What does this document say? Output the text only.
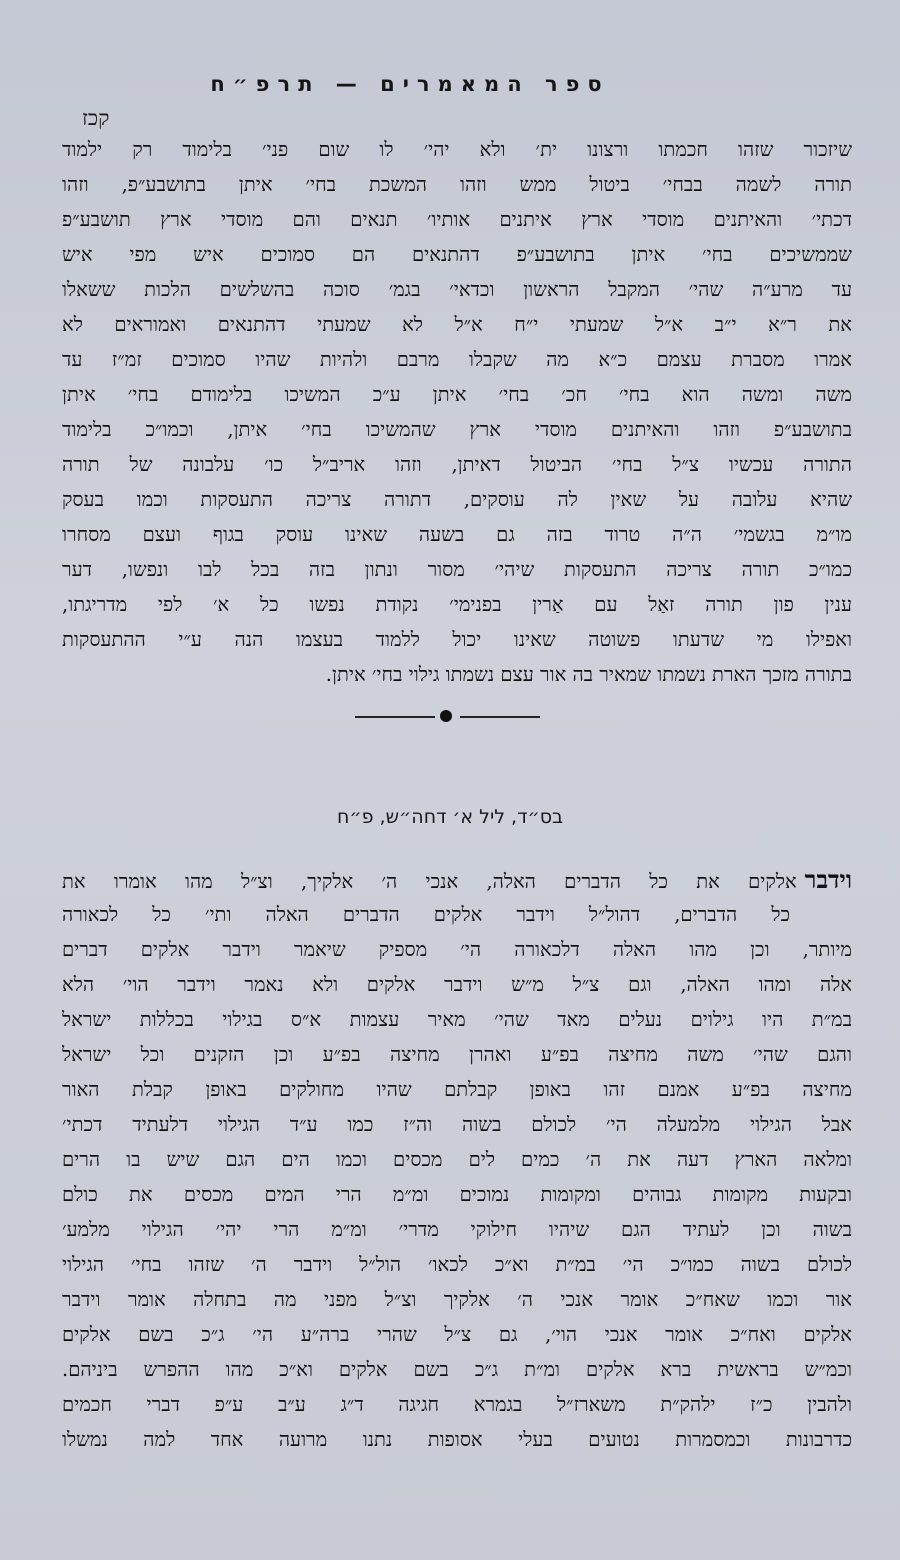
ספר המאמרים — תרפ״ח
קכז
שיזכור שזהו חכמתו ורצונו ית׳ ולא יהי׳ לו שום פני׳ בלימוד רק ילמוד
תורה לשמה בבחי׳ ביטול ממש וזהו המשכת בחי׳ איתן בתושבע״פ, וזהו
דכתי׳ והאיתנים מוסדי ארץ איתנים אותיו׳ תנאים והם מוסדי ארץ תושבע״פ
שממשיכים בחי׳ איתן בתושבע״פ דהתנאים הם סמוכים איש מפי איש
עד מרע״ה שהי׳ המקבל הראשון וכדאי׳ בגמ׳ סוכה בהשלשים הלכות ששאלו
את ר״א י״ב א״ל שמעתי י״ח א״ל לא שמעתי דהתנאים ואמוראים לא
אמרו מסברת עצמם כ״א מה שקבלו מרבם ולהיות שהיו סמוכים זמ״ז עד
משה ומשה הוא בחי׳ חכ׳ בחי׳ איתן ע״כ המשיכו בלימודם בחי׳ איתן
בתושבע״פ וזהו והאיתנים מוסדי ארץ שהמשיכו בחי׳ איתן, וכמו״כ בלימוד
התורה עכשיו צ״ל בחי׳ הביטול דאיתן, וזהו אריב״ל כו׳ עלבונה של תורה
שהיא עלובה על שאין לה עוסקים, דתורה צריכה התעסקות וכמו בעסק
מו״מ בגשמי׳ ה״ה טרוד בזה גם בשעה שאינו עוסק בגוף ועצם מסחרו
כמו״כ תורה צריכה התעסקות שיהי׳ מסור ונתון בזה בכל לבו ונפשו, דער
ענין פון תורה זאַל עם אַרין בפנימי׳ נקודת נפשו כל א׳ לפי מדריגתו,
ואפילו מי שדעתו פשוטה שאינו יכול ללמוד בעצמו הנה ע״י ההתעסקות
בתורה מזכך הארת נשמתו שמאיר בה אור עצם נשמתו גילוי בחי׳ איתן.
בס״ד, ליל א׳ דחה״ש, פ״ח
וידבראלקים את כל הדברים האלה, אנכי ה׳ אלקיך, וצ״ל מהו אומרו את
כל הדברים, דהול״ל וידבר אלקים הדברים האלה ותי׳ כל לכאורה
מיותר, וכן מהו האלה דלכאורה הי׳ מספיק שיאמר וידבר אלקים דברים
אלה ומהו האלה, וגם צ״ל מ״ש וידבר אלקים ולא נאמר וידבר הוי׳ הלא
במ״ת היו גילוים נעלים מאד שהי׳ מאיר עצמות א״ס בגילוי בכללות ישראל
והגם שהי׳ משה מחיצה בפ״ע ואהרן מחיצה בפ״ע וכן הזקנים וכל ישראל
מחיצה בפ״ע אמנם זהו באופן קבלתם שהיו מחולקים באופן קבלת האור
אבל הגילוי מלמעלה הי׳ לכולם בשוה וה״ז כמו ע״ד הגילוי דלעתיד דכתי׳
ומלאה הארץ דעה את ה׳ כמים לים מכסים וכמו הים הגם שיש בו הרים
ובקעות מקומות גבוהים ומקומות נמוכים ומ״מ הרי המים מכסים את כולם
בשוה וכן לעתיד הגם שיהיו חילוקי מדרי׳ ומ״מ הרי יהי׳ הגילוי מלמע׳
לכולם בשוה כמו״כ הי׳ במ״ת וא״כ לכאו׳ הול״ל וידבר ה׳ שזהו בחי׳ הגילוי
אור וכמו שאח״כ אומר אנכי ה׳ אלקיך וצ״ל מפני מה בתחלה אומר וידבר
אלקים ואח״כ אומר אנכי הוי׳, גם צ״ל שהרי ברה״ע הי׳ ג״כ בשם אלקים
וכמ״ש בראשית ברא אלקים ומ״ת ג״כ בשם אלקים וא״כ מהו ההפרש ביניהם.
ולהבין כ״ז ילהק״ת משארז״ל בגמרא חגיגה ד״ג ע״ב ע״פ דברי חכמים
כדרבונות וכמסמרות נטועים בעלי אסופות נתנו מרועה אחד למה נמשלו
